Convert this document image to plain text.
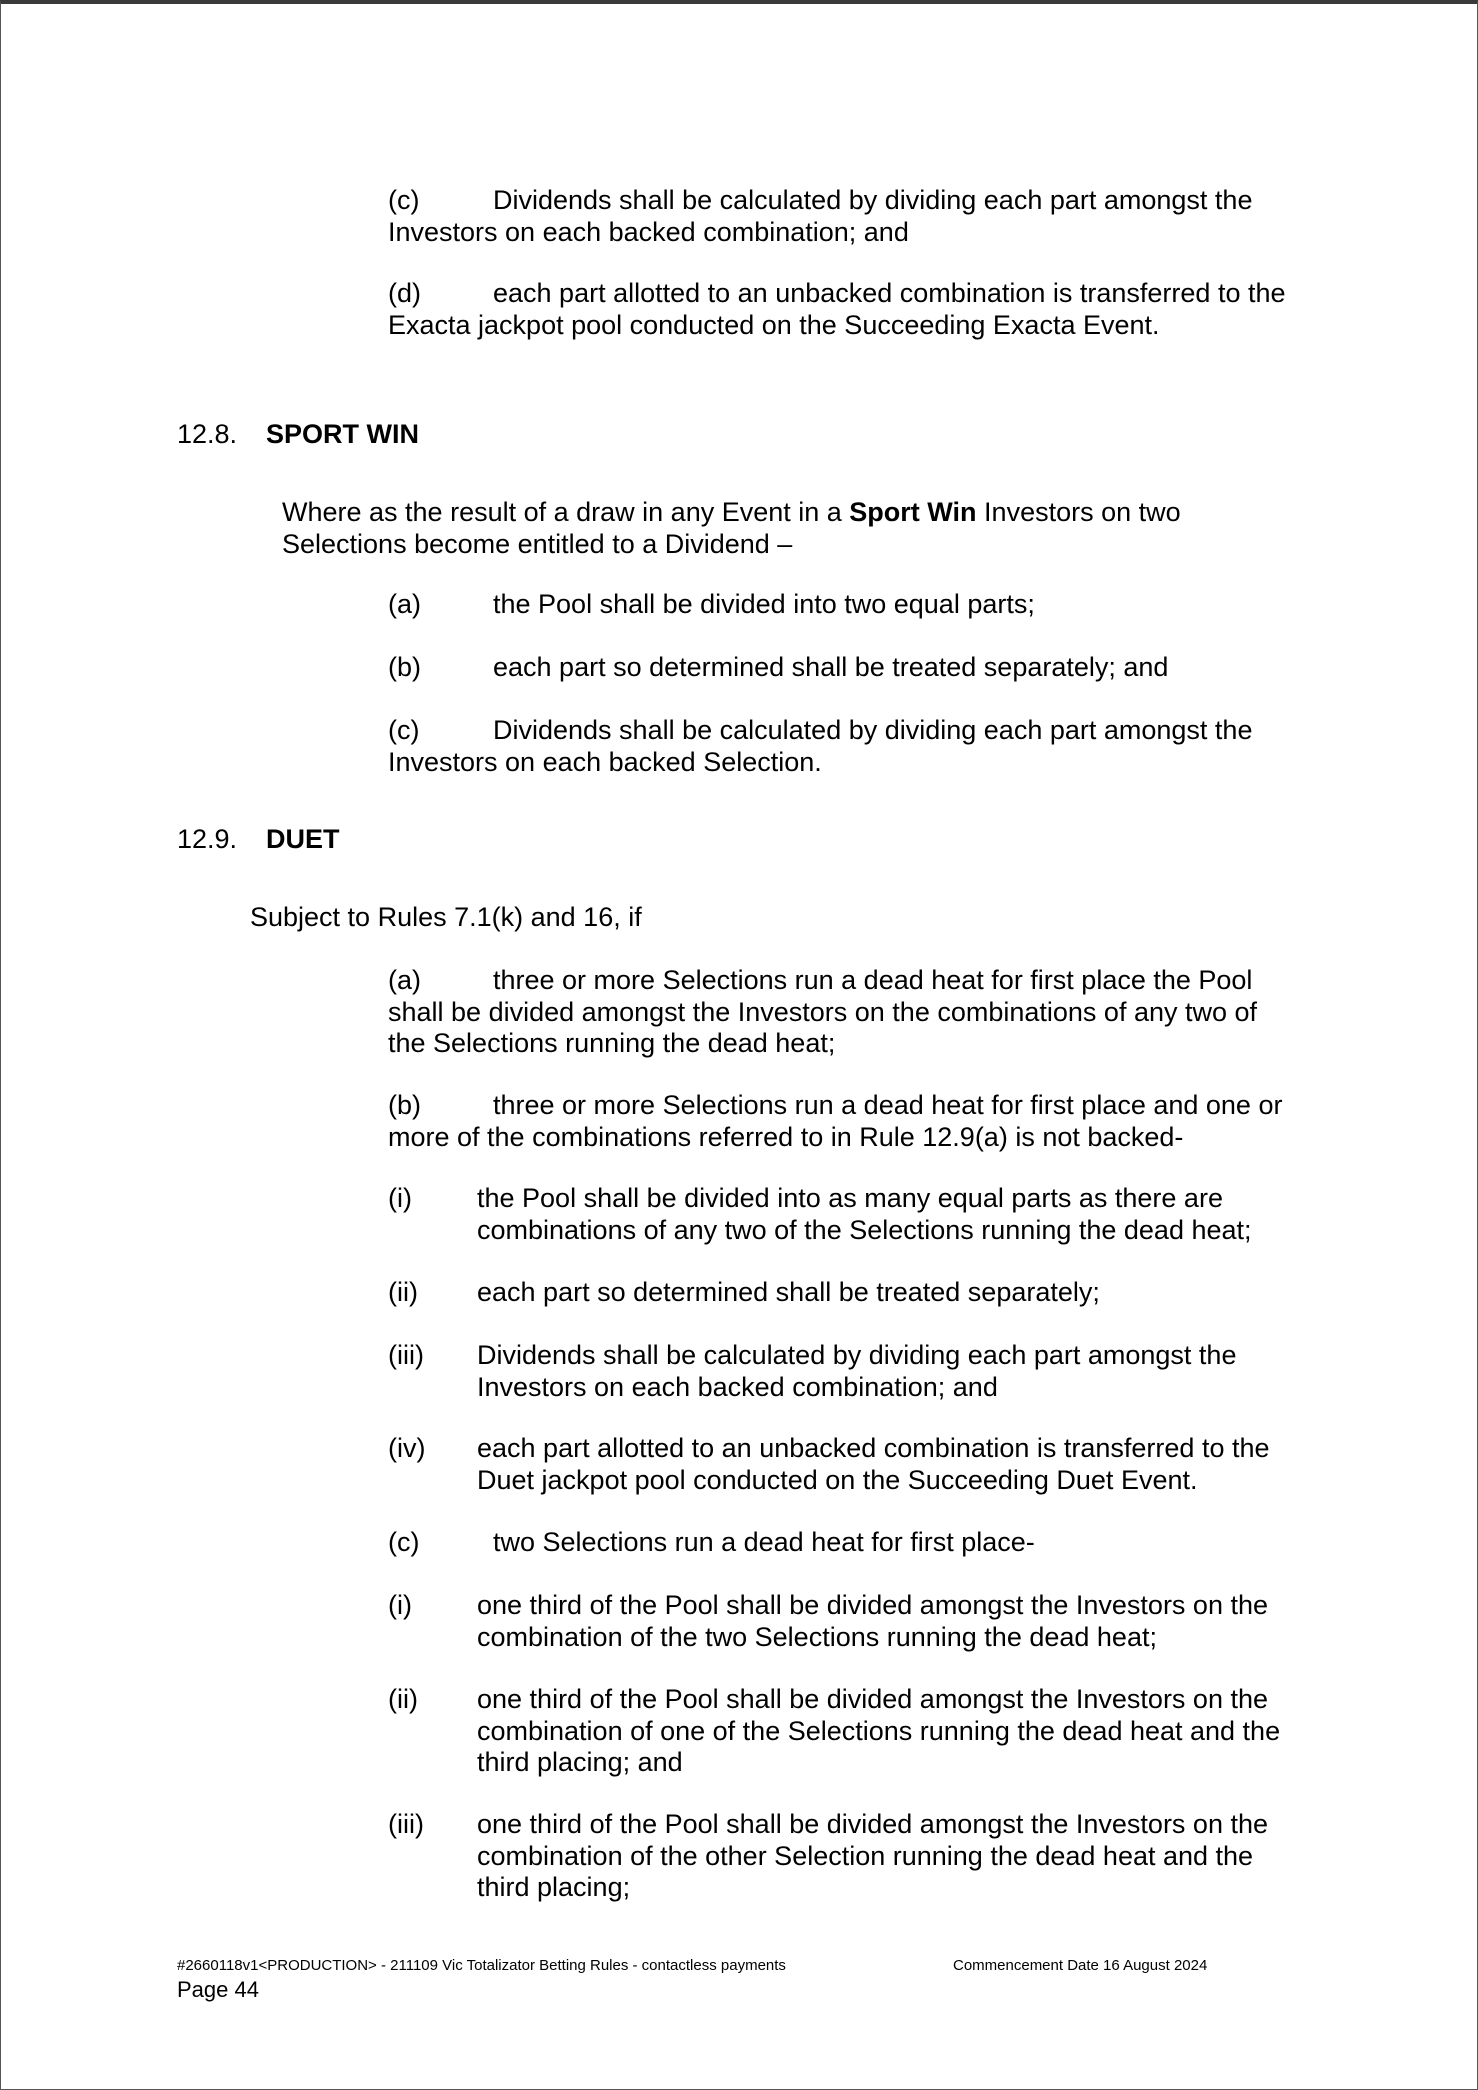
(c)	Dividends shall be calculated by dividing each part amongst the
Investors on each backed combination; and
(d)	each part allotted to an unbacked combination is transferred to the
Exacta jackpot pool conducted on the Succeeding Exacta Event.
12.8. SPORT WIN
Where as the result of a draw in any Event in a Sport Win Investors on two
Selections become entitled to a Dividend –
(a)	the Pool shall be divided into two equal parts;
(b)	each part so determined shall be treated separately; and
(c)	Dividends shall be calculated by dividing each part amongst the
Investors on each backed Selection.
12.9. DUET
Subject to Rules 7.1(k) and 16, if
(a)	three or more Selections run a dead heat for first place the Pool
shall be divided amongst the Investors on the combinations of any two of
the Selections running the dead heat;
(b)	three or more Selections run a dead heat for first place and one or
more of the combinations referred to in Rule 12.9(a) is not backed-
(i) the Pool shall be divided into as many equal parts as there are
combinations of any two of the Selections running the dead heat;
(ii) each part so determined shall be treated separately;
(iii) Dividends shall be calculated by dividing each part amongst the
Investors on each backed combination; and
(iv) each part allotted to an unbacked combination is transferred to the
Duet jackpot pool conducted on the Succeeding Duet Event.
(c)	two Selections run a dead heat for first place-
(i) one third of the Pool shall be divided amongst the Investors on the
combination of the two Selections running the dead heat;
(ii) one third of the Pool shall be divided amongst the Investors on the
combination of one of the Selections running the dead heat and the
third placing; and
(iii) one third of the Pool shall be divided amongst the Investors on the
combination of the other Selection running the dead heat and the
third placing;
#2660118v1<PRODUCTION> - 211109 Vic Totalizator Betting Rules - contactless payments	Commencement Date 16 August 2024
Page 44
